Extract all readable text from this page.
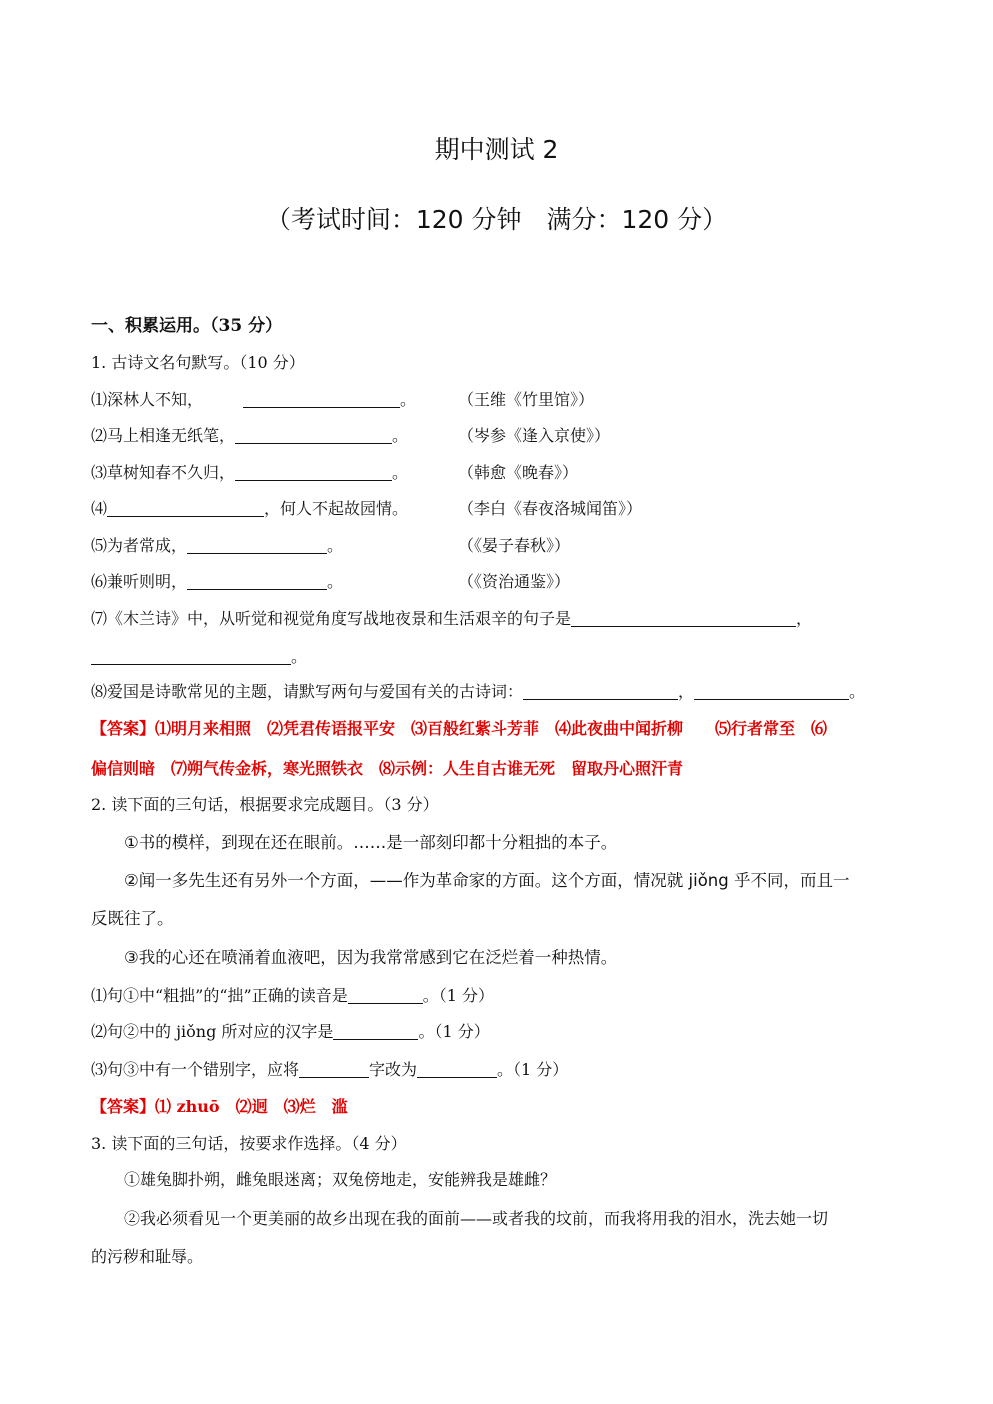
期中测试 2
（考试时间：120 分钟　满分：120 分）
一、积累运用。（35 分）
1. 古诗文名句默写。（10 分）
⑴深林人不知，	。	（王维《竹里馆》）
⑵马上相逢无纸笔，	。	（岑参《逢入京使》）
⑶草树知春不久归，	。	（韩愈《晚春》）
⑷	，何人不起故园情。	（李白《春夜洛城闻笛》）
⑸为者常成，	。	（《晏子春秋》）
⑹兼听则明，	。	（《资治通鉴》）
⑺《木兰诗》中，从听觉和视觉角度写战地夜景和生活艰辛的句子是	，
。
⑻爱国是诗歌常见的主题，请默写两句与爱国有关的古诗词：	，	。
【答案】⑴明月来相照　⑵凭君传语报平安　⑶百般红紫斗芳菲　⑷此夜曲中闻折柳　　⑸行者常至　⑹
偏信则暗　⑺朔气传金柝，寒光照铁衣　⑻示例：人生自古谁无死　留取丹心照汗青
2. 读下面的三句话，根据要求完成题目。（3 分）
①书的模样，到现在还在眼前。……是一部刻印都十分粗拙的本子。
②闻一多先生还有另外一个方面，——作为革命家的方面。这个方面，情况就 jiǒng 乎不同，而且一
反既往了。
③我的心还在喷涌着血液吧，因为我常常感到它在泛烂着一种热情。
⑴句①中“粗拙”的“拙”正确的读音是	。（1 分）
⑵句②中的 jiǒng 所对应的汉字是	。（1 分）
⑶句③中有一个错别字，应将	字改为	。（1 分）
【答案】⑴ zhuō　⑵迥　⑶烂　滥
3. 读下面的三句话，按要求作选择。（4 分）
①雄兔脚扑朔，雌兔眼迷离；双兔傍地走，安能辨我是雄雌？
②我必须看见一个更美丽的故乡出现在我的面前——或者我的坟前，而我将用我的泪水，洗去她一切
的污秽和耻辱。
